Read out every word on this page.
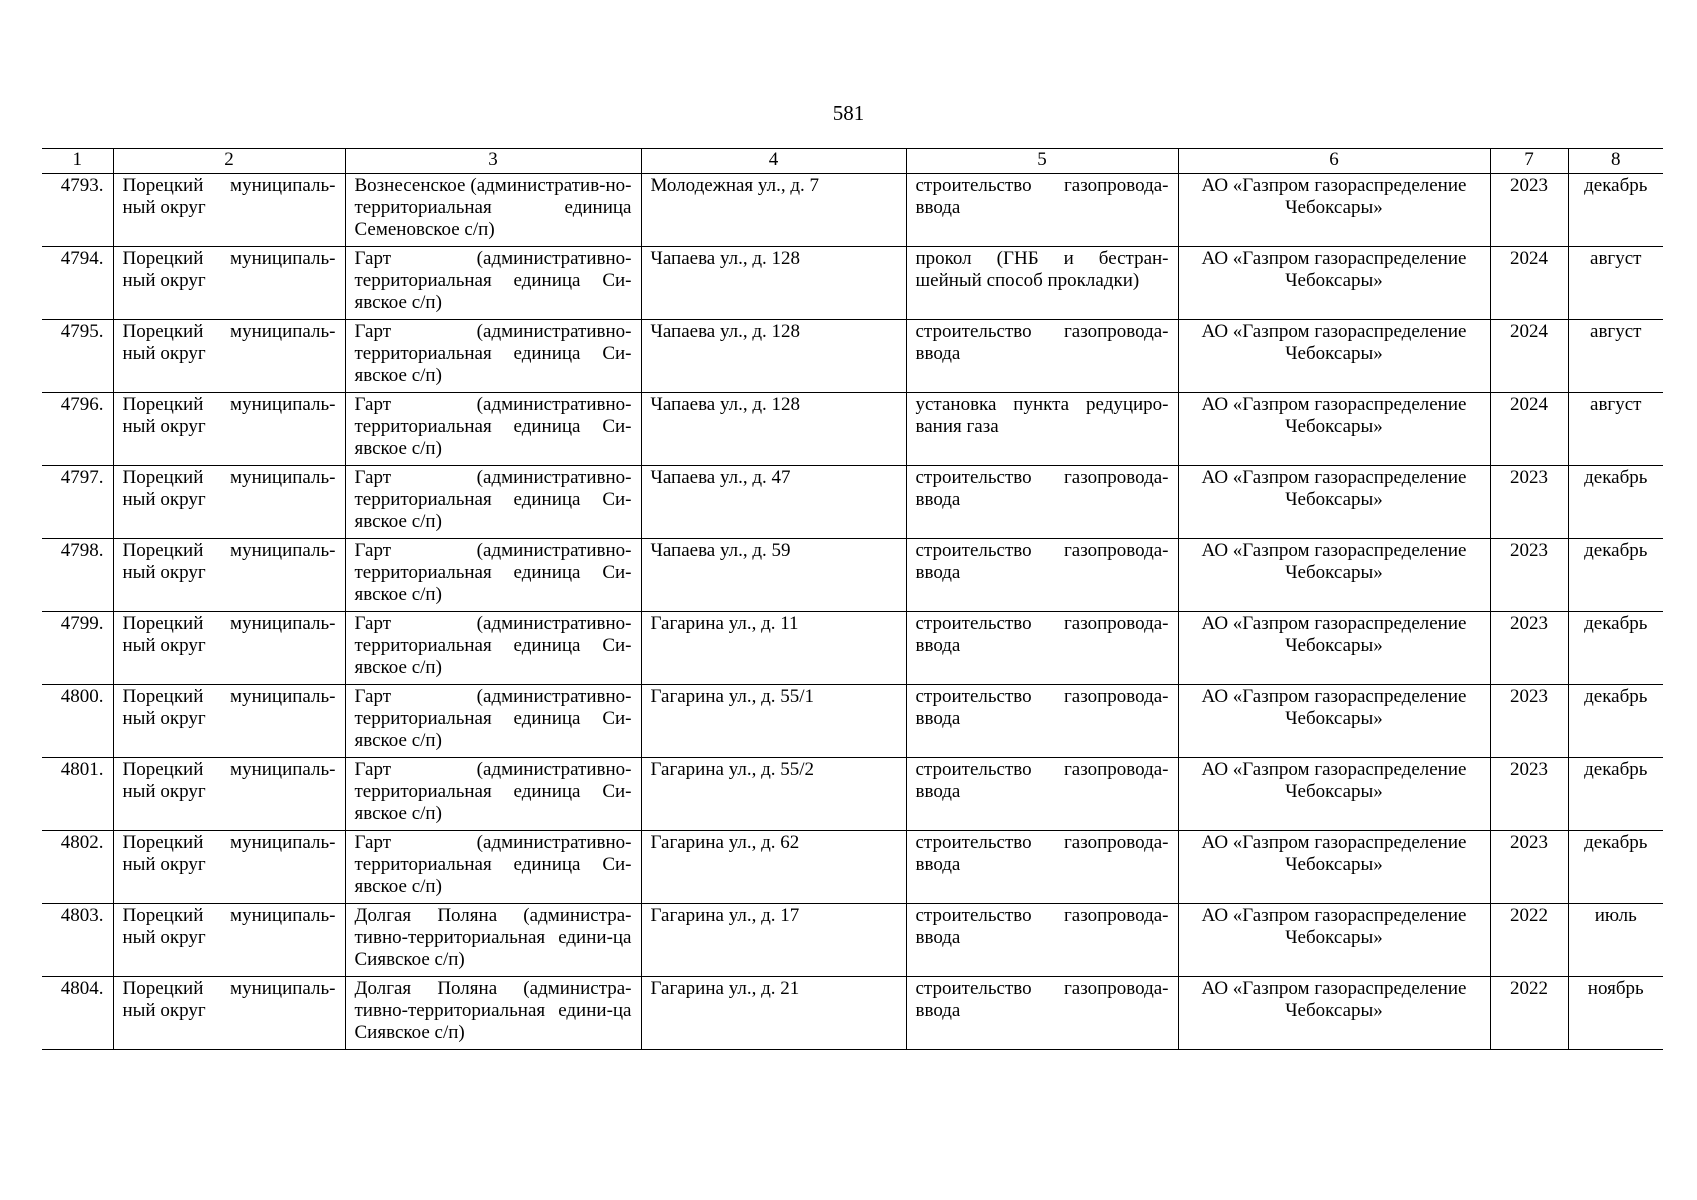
581
1	2	3	4	5	6	7	8
4793.	Порецкий муниципаль-ный округ	Вознесенское (административ-но-территориальная единица Семеновское с/п)	Молодежная ул., д. 7	строительство газопровода-ввода	АО «Газпром газораспределение Чебоксары»	2023	декабрь
4794.	Порецкий муниципаль-ный округ	Гарт (административно-территориальная единица Си-явское с/п)	Чапаева ул., д. 128	прокол (ГНБ и бестран-шейный способ прокладки)	АО «Газпром газораспределение Чебоксары»	2024	август
4795.	Порецкий муниципаль-ный округ	Гарт (административно-территориальная единица Си-явское с/п)	Чапаева ул., д. 128	строительство газопровода-ввода	АО «Газпром газораспределение Чебоксары»	2024	август
4796.	Порецкий муниципаль-ный округ	Гарт (административно-территориальная единица Си-явское с/п)	Чапаева ул., д. 128	установка пункта редуциро-вания газа	АО «Газпром газораспределение Чебоксары»	2024	август
4797.	Порецкий муниципаль-ный округ	Гарт (административно-территориальная единица Си-явское с/п)	Чапаева ул., д. 47	строительство газопровода-ввода	АО «Газпром газораспределение Чебоксары»	2023	декабрь
4798.	Порецкий муниципаль-ный округ	Гарт (административно-территориальная единица Си-явское с/п)	Чапаева ул., д. 59	строительство газопровода-ввода	АО «Газпром газораспределение Чебоксары»	2023	декабрь
4799.	Порецкий муниципаль-ный округ	Гарт (административно-территориальная единица Си-явское с/п)	Гагарина ул., д. 11	строительство газопровода-ввода	АО «Газпром газораспределение Чебоксары»	2023	декабрь
4800.	Порецкий муниципаль-ный округ	Гарт (административно-территориальная единица Си-явское с/п)	Гагарина ул., д. 55/1	строительство газопровода-ввода	АО «Газпром газораспределение Чебоксары»	2023	декабрь
4801.	Порецкий муниципаль-ный округ	Гарт (административно-территориальная единица Си-явское с/п)	Гагарина ул., д. 55/2	строительство газопровода-ввода	АО «Газпром газораспределение Чебоксары»	2023	декабрь
4802.	Порецкий муниципаль-ный округ	Гарт (административно-территориальная единица Си-явское с/п)	Гагарина ул., д. 62	строительство газопровода-ввода	АО «Газпром газораспределение Чебоксары»	2023	декабрь
4803.	Порецкий муниципаль-ный округ	Долгая Поляна (администра-тивно-территориальная едини-ца Сиявское с/п)	Гагарина ул., д. 17	строительство газопровода-ввода	АО «Газпром газораспределение Чебоксары»	2022	июль
4804.	Порецкий муниципаль-ный округ	Долгая Поляна (администра-тивно-территориальная едини-ца Сиявское с/п)	Гагарина ул., д. 21	строительство газопровода-ввода	АО «Газпром газораспределение Чебоксары»	2022	ноябрь
